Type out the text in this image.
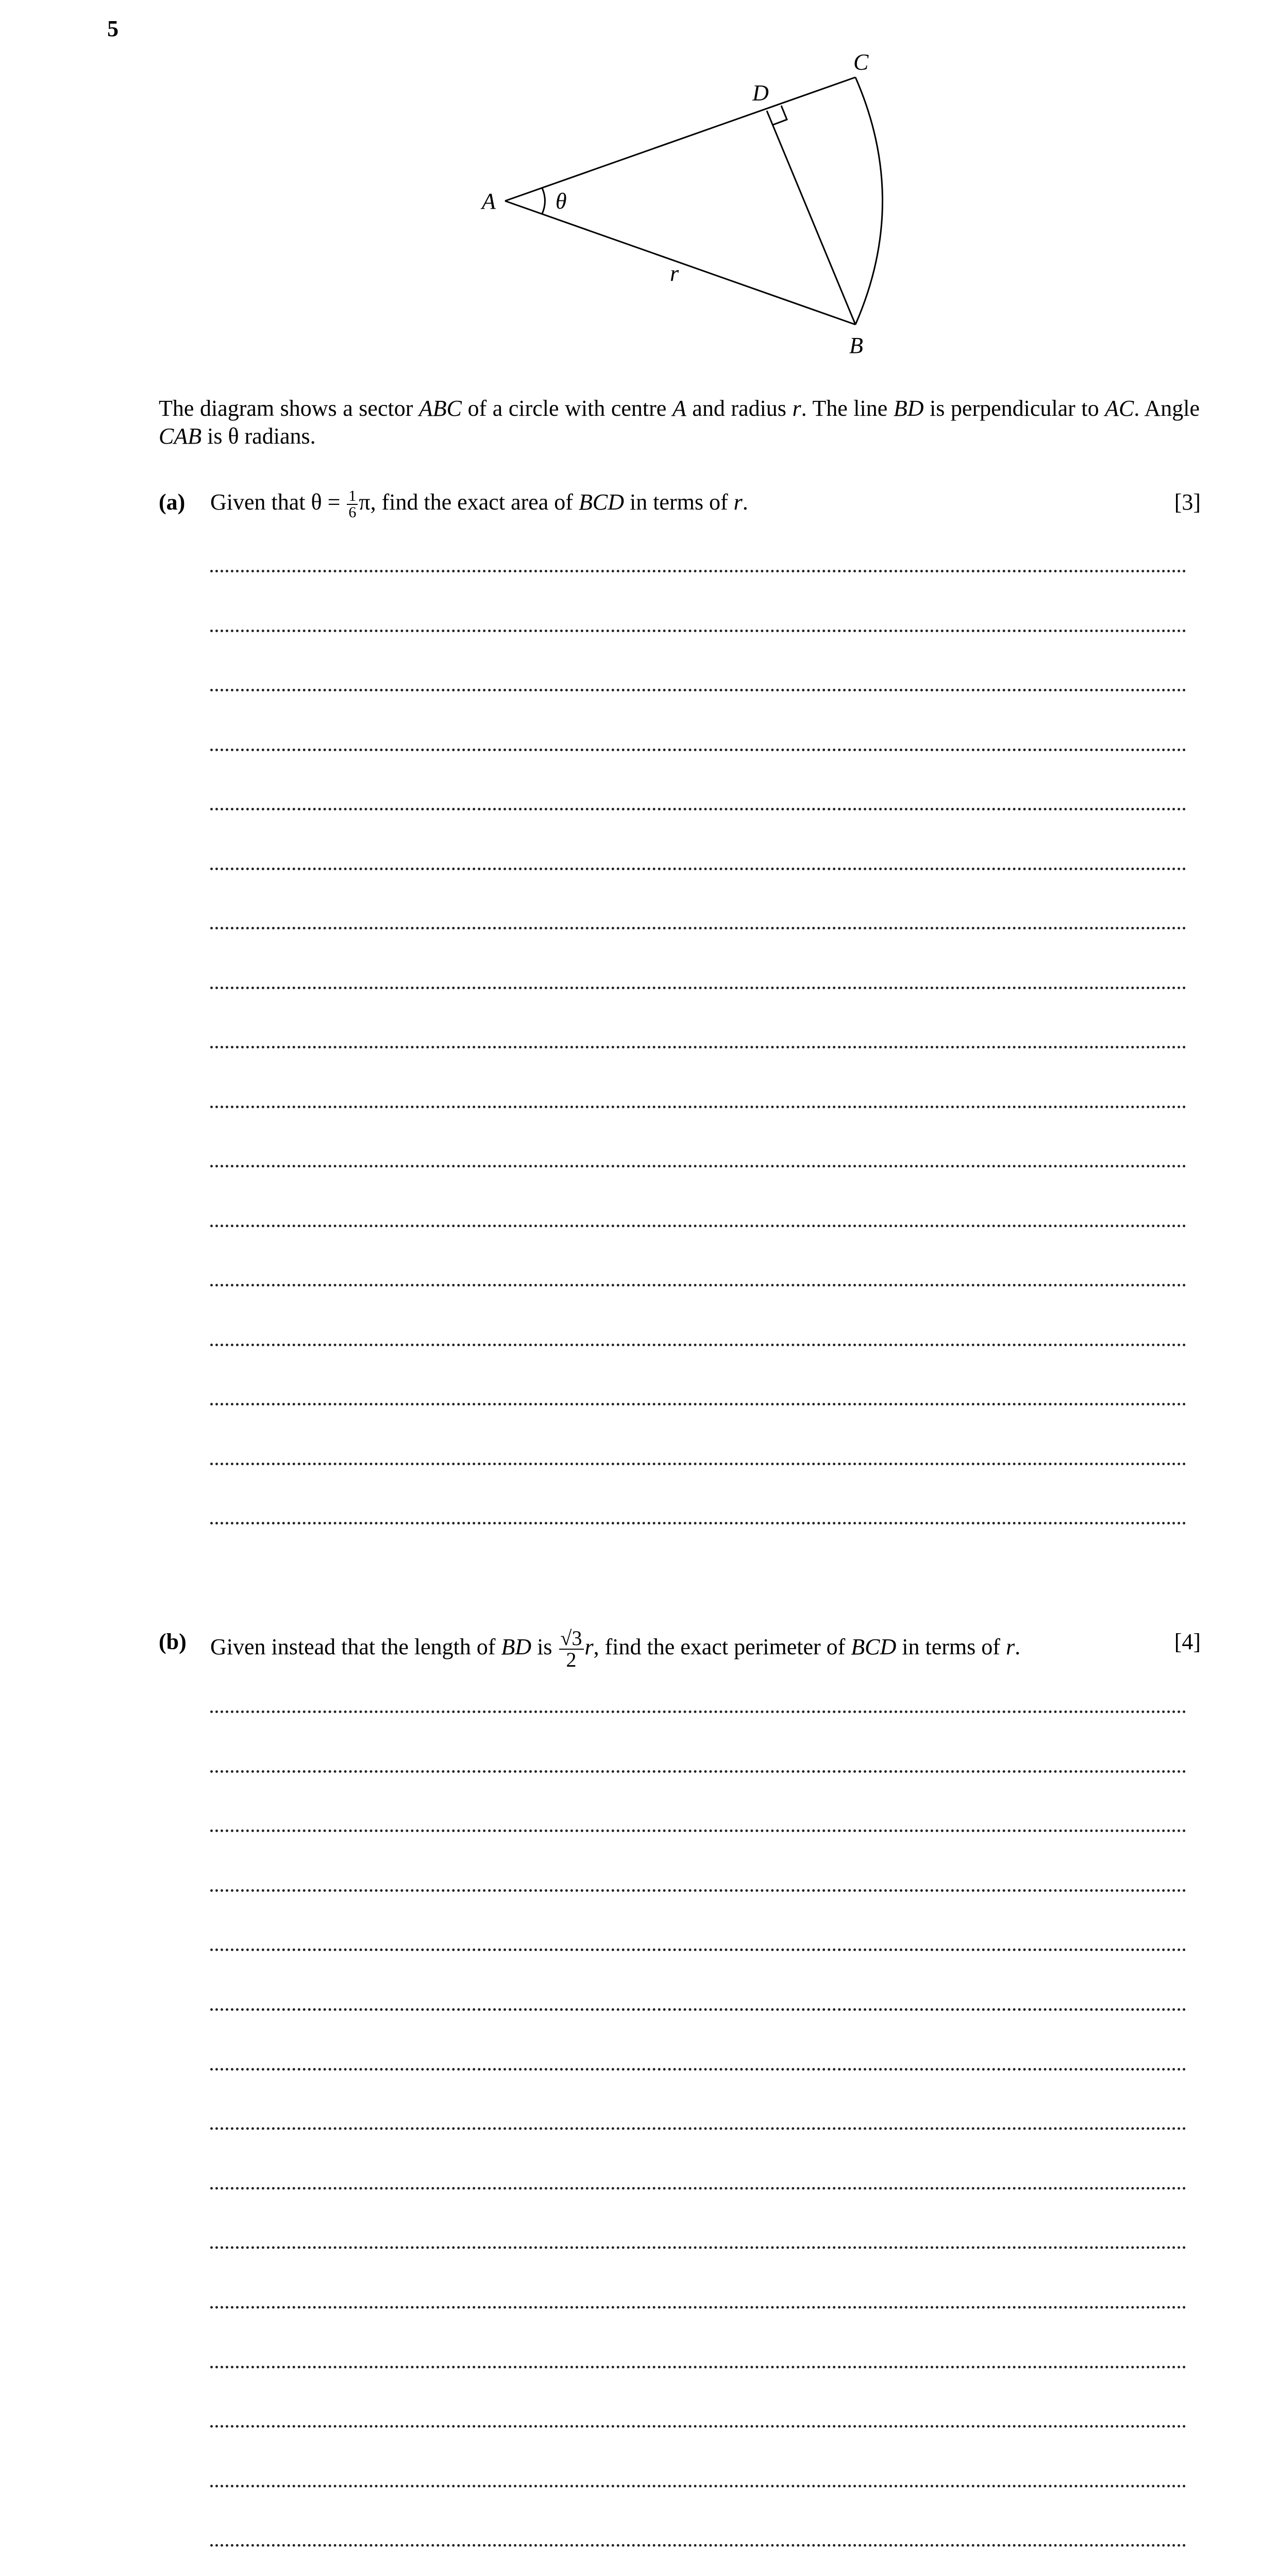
5
A	θ
D
C
r
B
The diagram shows a sector ABC of a circle with centre A and radius r. The line BD is perpendicular to AC. Angle CAB is θ radians.
(a) Given that $\theta = \frac{1}{6} \pi$, find the exact area of BCD in terms of r.	[3]
(b) Given instead that the length of BD is $\frac{√3}{2} r$, find the exact perimeter of BCD in terms of r.	[4]
